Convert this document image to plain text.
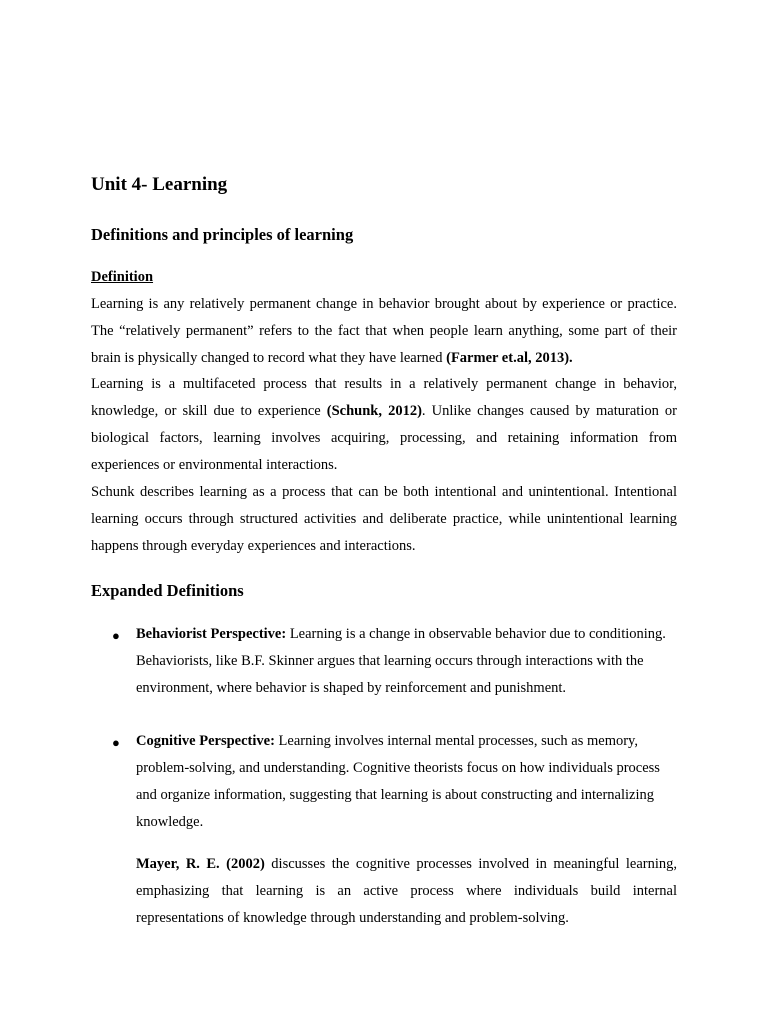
Unit 4- Learning
Definitions and principles of learning
Definition

Learning is any relatively permanent change in behavior brought about by experience or practice. The “relatively permanent” refers to the fact that when people learn anything, some part of their brain is physically changed to record what they have learned (Farmer et.al, 2013).

Learning is a multifaceted process that results in a relatively permanent change in behavior, knowledge, or skill due to experience (Schunk, 2012). Unlike changes caused by maturation or biological factors, learning involves acquiring, processing, and retaining information from experiences or environmental interactions.

Schunk describes learning as a process that can be both intentional and unintentional. Intentional learning occurs through structured activities and deliberate practice, while unintentional learning happens through everyday experiences and interactions.

Expanded Definitions
● Behaviorist Perspective: Learning is a change in observable behavior due to conditioning. Behaviorists, like B.F. Skinner argues that learning occurs through interactions with the environment, where behavior is shaped by reinforcement and punishment.

● Cognitive Perspective: Learning involves internal mental processes, such as memory, problem-solving, and understanding. Cognitive theorists focus on how individuals process and organize information, suggesting that learning is about constructing and internalizing knowledge.

Mayer, R. E. (2002) discusses the cognitive processes involved in meaningful learning, emphasizing that learning is an active process where individuals build internal representations of knowledge through understanding and problem-solving.
